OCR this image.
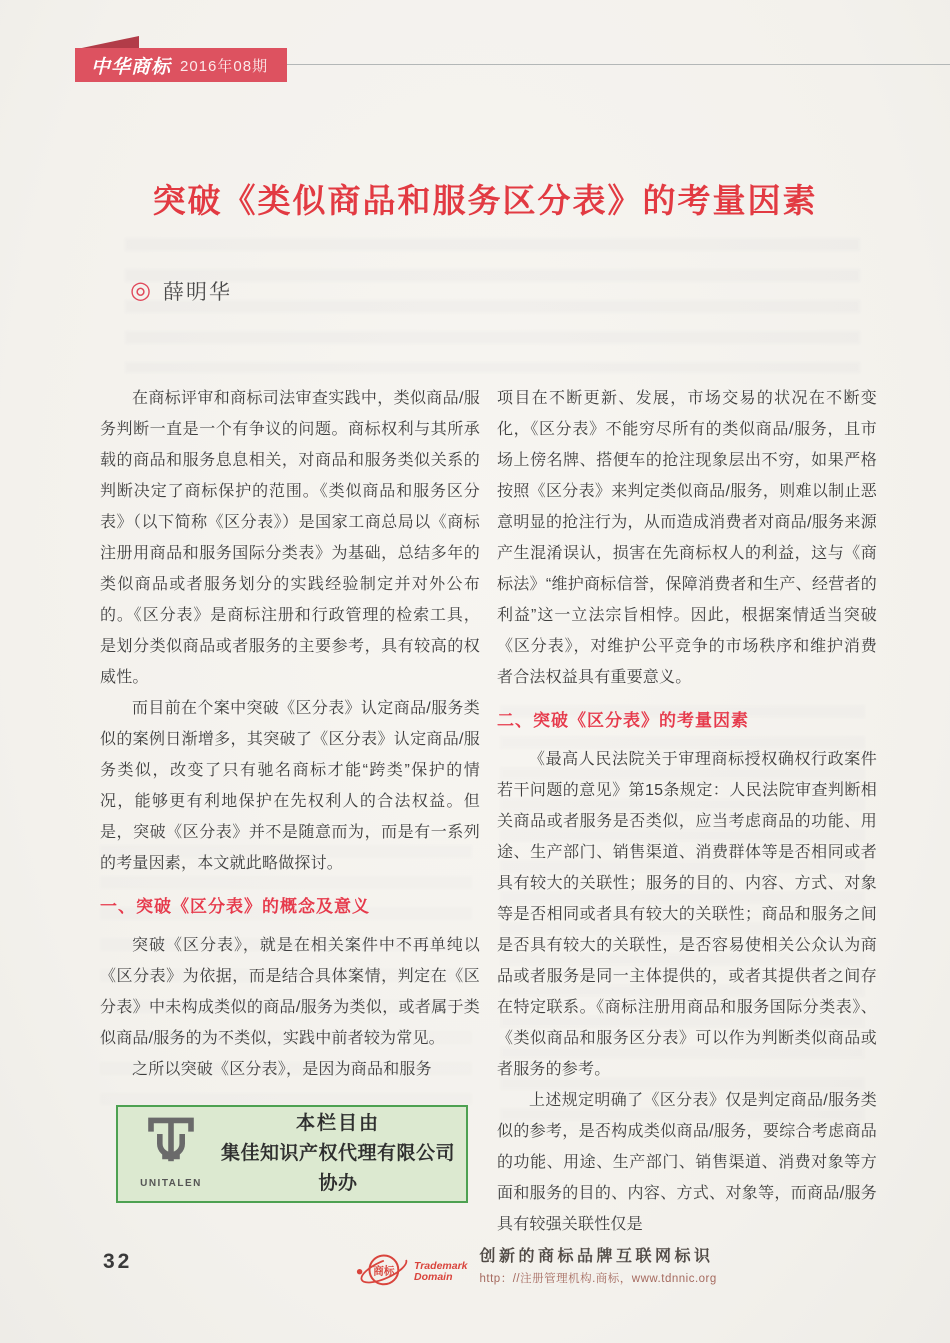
中华商标 2016年08期
突破《类似商品和服务区分表》的考量因素
◎ 薛明华

在商标评审和商标司法审查实践中，类似商品/服务判断一直是一个有争议的问题。商标权利与其所承载的商品和服务息息相关，对商品和服务类似关系的判断决定了商标保护的范围。《类似商品和服务区分表》（以下简称《区分表》）是国家工商总局以《商标注册用商品和服务国际分类表》为基础，总结多年的类似商品或者服务划分的实践经验制定并对外公布的。《区分表》是商标注册和行政管理的检索工具，是划分类似商品或者服务的主要参考，具有较高的权威性。

而目前在个案中突破《区分表》认定商品/服务类似的案例日渐增多，其突破了《区分表》认定商品/服务类似，改变了只有驰名商标才能“跨类”保护的情况，能够更有利地保护在先权利人的合法权益。但是，突破《区分表》并不是随意而为，而是有一系列的考量因素，本文就此略做探讨。

一、突破《区分表》的概念及意义

突破《区分表》，就是在相关案件中不再单纯以《区分表》为依据，而是结合具体案情，判定在《区分表》中未构成类似的商品/服务为类似，或者属于类似商品/服务的为不类似，实践中前者较为常见。

之所以突破《区分表》，是因为商品和服务

UNITALEN
本栏目由
集佳知识产权代理有限公司协办

项目在不断更新、发展，市场交易的状况在不断变化，《区分表》不能穷尽所有的类似商品/服务，且市场上傍名牌、搭便车的抢注现象层出不穷，如果严格按照《区分表》来判定类似商品/服务，则难以制止恶意明显的抢注行为，从而造成消费者对商品/服务来源产生混淆误认，损害在先商标权人的利益，这与《商标法》“维护商标信誉，保障消费者和生产、经营者的利益”这一立法宗旨相悖。因此，根据案情适当突破《区分表》，对维护公平竞争的市场秩序和维护消费者合法权益具有重要意义。

二、突破《区分表》的考量因素

《最高人民法院关于审理商标授权确权行政案件若干问题的意见》第15条规定：人民法院审查判断相关商品或者服务是否类似，应当考虑商品的功能、用途、生产部门、销售渠道、消费群体等是否相同或者具有较大的关联性；服务的目的、内容、方式、对象等是否相同或者具有较大的关联性；商品和服务之间是否具有较大的关联性，是否容易使相关公众认为商品或者服务是同一主体提供的，或者其提供者之间存在特定联系。《商标注册用商品和服务国际分类表》、《类似商品和服务区分表》可以作为判断类似商品或者服务的参考。

上述规定明确了《区分表》仅是判定商品/服务类似的参考，是否构成类似商品/服务，要综合考虑商品的功能、用途、生产部门、销售渠道、消费对象等方面和服务的目的、内容、方式、对象等，而商品/服务具有较强关联性仅是

32	商标 Trademark
Domain
创新的商标品牌互联网标识
http：//注册管理机构.商标，www.tdnnic.org
